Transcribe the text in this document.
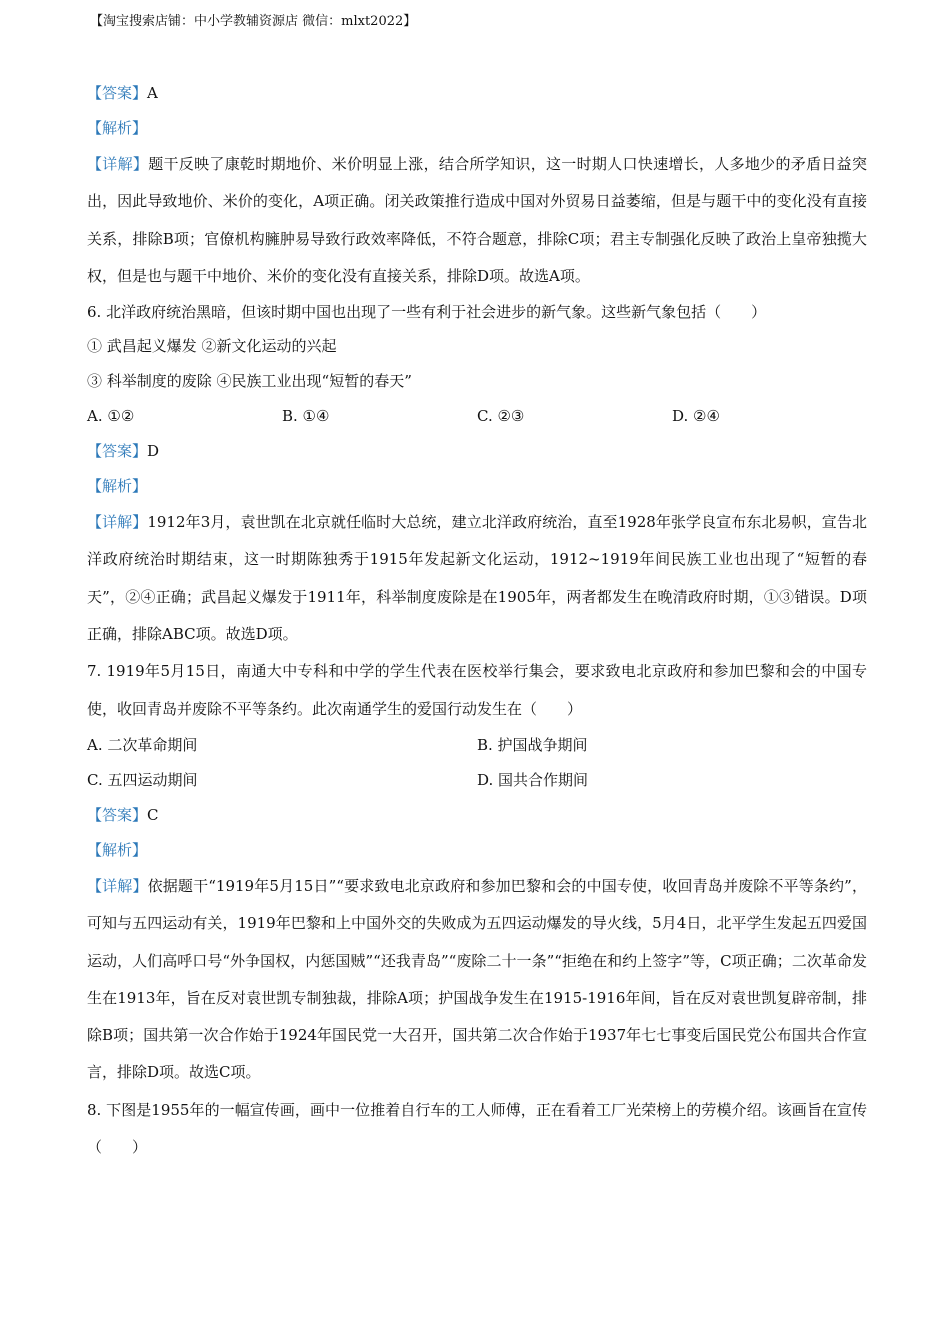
【淘宝搜索店铺：中小学教辅资源店 微信：mlxt2022】
【答案】A
【解析】
【详解】题干反映了康乾时期地价、米价明显上涨，结合所学知识，这一时期人口快速增长，人多地少的矛盾日益突出，因此导致地价、米价的变化，A项正确。闭关政策推行造成中国对外贸易日益萎缩，但是与题干中的变化没有直接关系，排除B项；官僚机构臃肿易导致行政效率降低，不符合题意，排除C项；君主专制强化反映了政治上皇帝独揽大权，但是也与题干中地价、米价的变化没有直接关系，排除D项。故选A项。
6. 北洋政府统治黑暗，但该时期中国也出现了一些有利于社会进步的新气象。这些新气象包括（　　）
① 武昌起义爆发 ②新文化运动的兴起
③ 科举制度的废除 ④民族工业出现“短暂的春天”
A. ①②	B. ①④	C. ②③	D. ②④
【答案】D
【解析】
【详解】1912年3月，袁世凯在北京就任临时大总统，建立北洋政府统治，直至1928年张学良宣布东北易帜，宣告北洋政府统治时期结束，这一时期陈独秀于1915年发起新文化运动，1912~1919年间民族工业也出现了“短暂的春天”，②④正确；武昌起义爆发于1911年，科举制度废除是在1905年，两者都发生在晚清政府时期，①③错误。D项正确，排除ABC项。故选D项。
7. 1919年5月15日，南通大中专科和中学的学生代表在医校举行集会，要求致电北京政府和参加巴黎和会的中国专使，收回青岛并废除不平等条约。此次南通学生的爱国行动发生在（　　）
A. 二次革命期间	B. 护国战争期间
C. 五四运动期间	D. 国共合作期间
【答案】C
【解析】
【详解】依据题干“1919年5月15日”“要求致电北京政府和参加巴黎和会的中国专使，收回青岛并废除不平等条约”，可知与五四运动有关，1919年巴黎和上中国外交的失败成为五四运动爆发的导火线，5月4日，北平学生发起五四爱国运动，人们高呼口号“外争国权，内惩国贼”“还我青岛”“废除二十一条”“拒绝在和约上签字”等，C项正确；二次革命发生在1913年，旨在反对袁世凯专制独裁，排除A项；护国战争发生在1915-1916年间，旨在反对袁世凯复辟帝制，排除B项；国共第一次合作始于1924年国民党一大召开，国共第二次合作始于1937年七七事变后国民党公布国共合作宣言，排除D项。故选C项。
8. 下图是1955年的一幅宣传画，画中一位推着自行车的工人师傅，正在看着工厂光荣榜上的劳模介绍。该画旨在宣传（　　）
